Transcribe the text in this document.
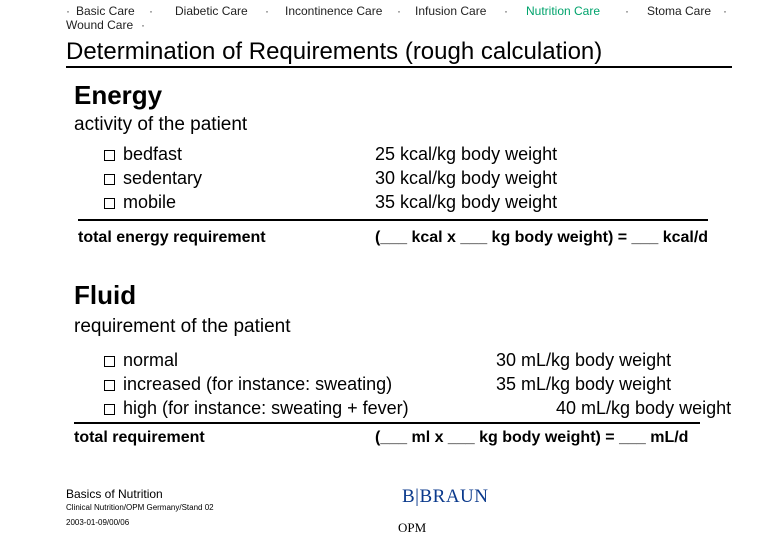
· Basic Care · Diabetic Care · Incontinence Care · Infusion Care · Nutrition Care · Stoma Care ·
Wound Care ·
Determination of Requirements (rough calculation)
Energy
activity of the patient
bedfast
sedentary
mobile
25 kcal/kg body weight
30 kcal/kg body weight
35 kcal/kg body weight
total energy requirement	(___ kcal x ___ kg body weight) = ___ kcal/d
Fluid
requirement of the patient
normal
increased (for instance: sweating)
high (for instance: sweating + fever)
30 mL/kg body weight
35 mL/kg body weight
40 mL/kg body weight
total requirement	(___ ml x ___ kg body weight) = ___ mL/d
Basics of Nutrition
Clinical Nutrition/OPM Germany/Stand 02
2003-01-09/00/06
B|BRAUN
OPM
